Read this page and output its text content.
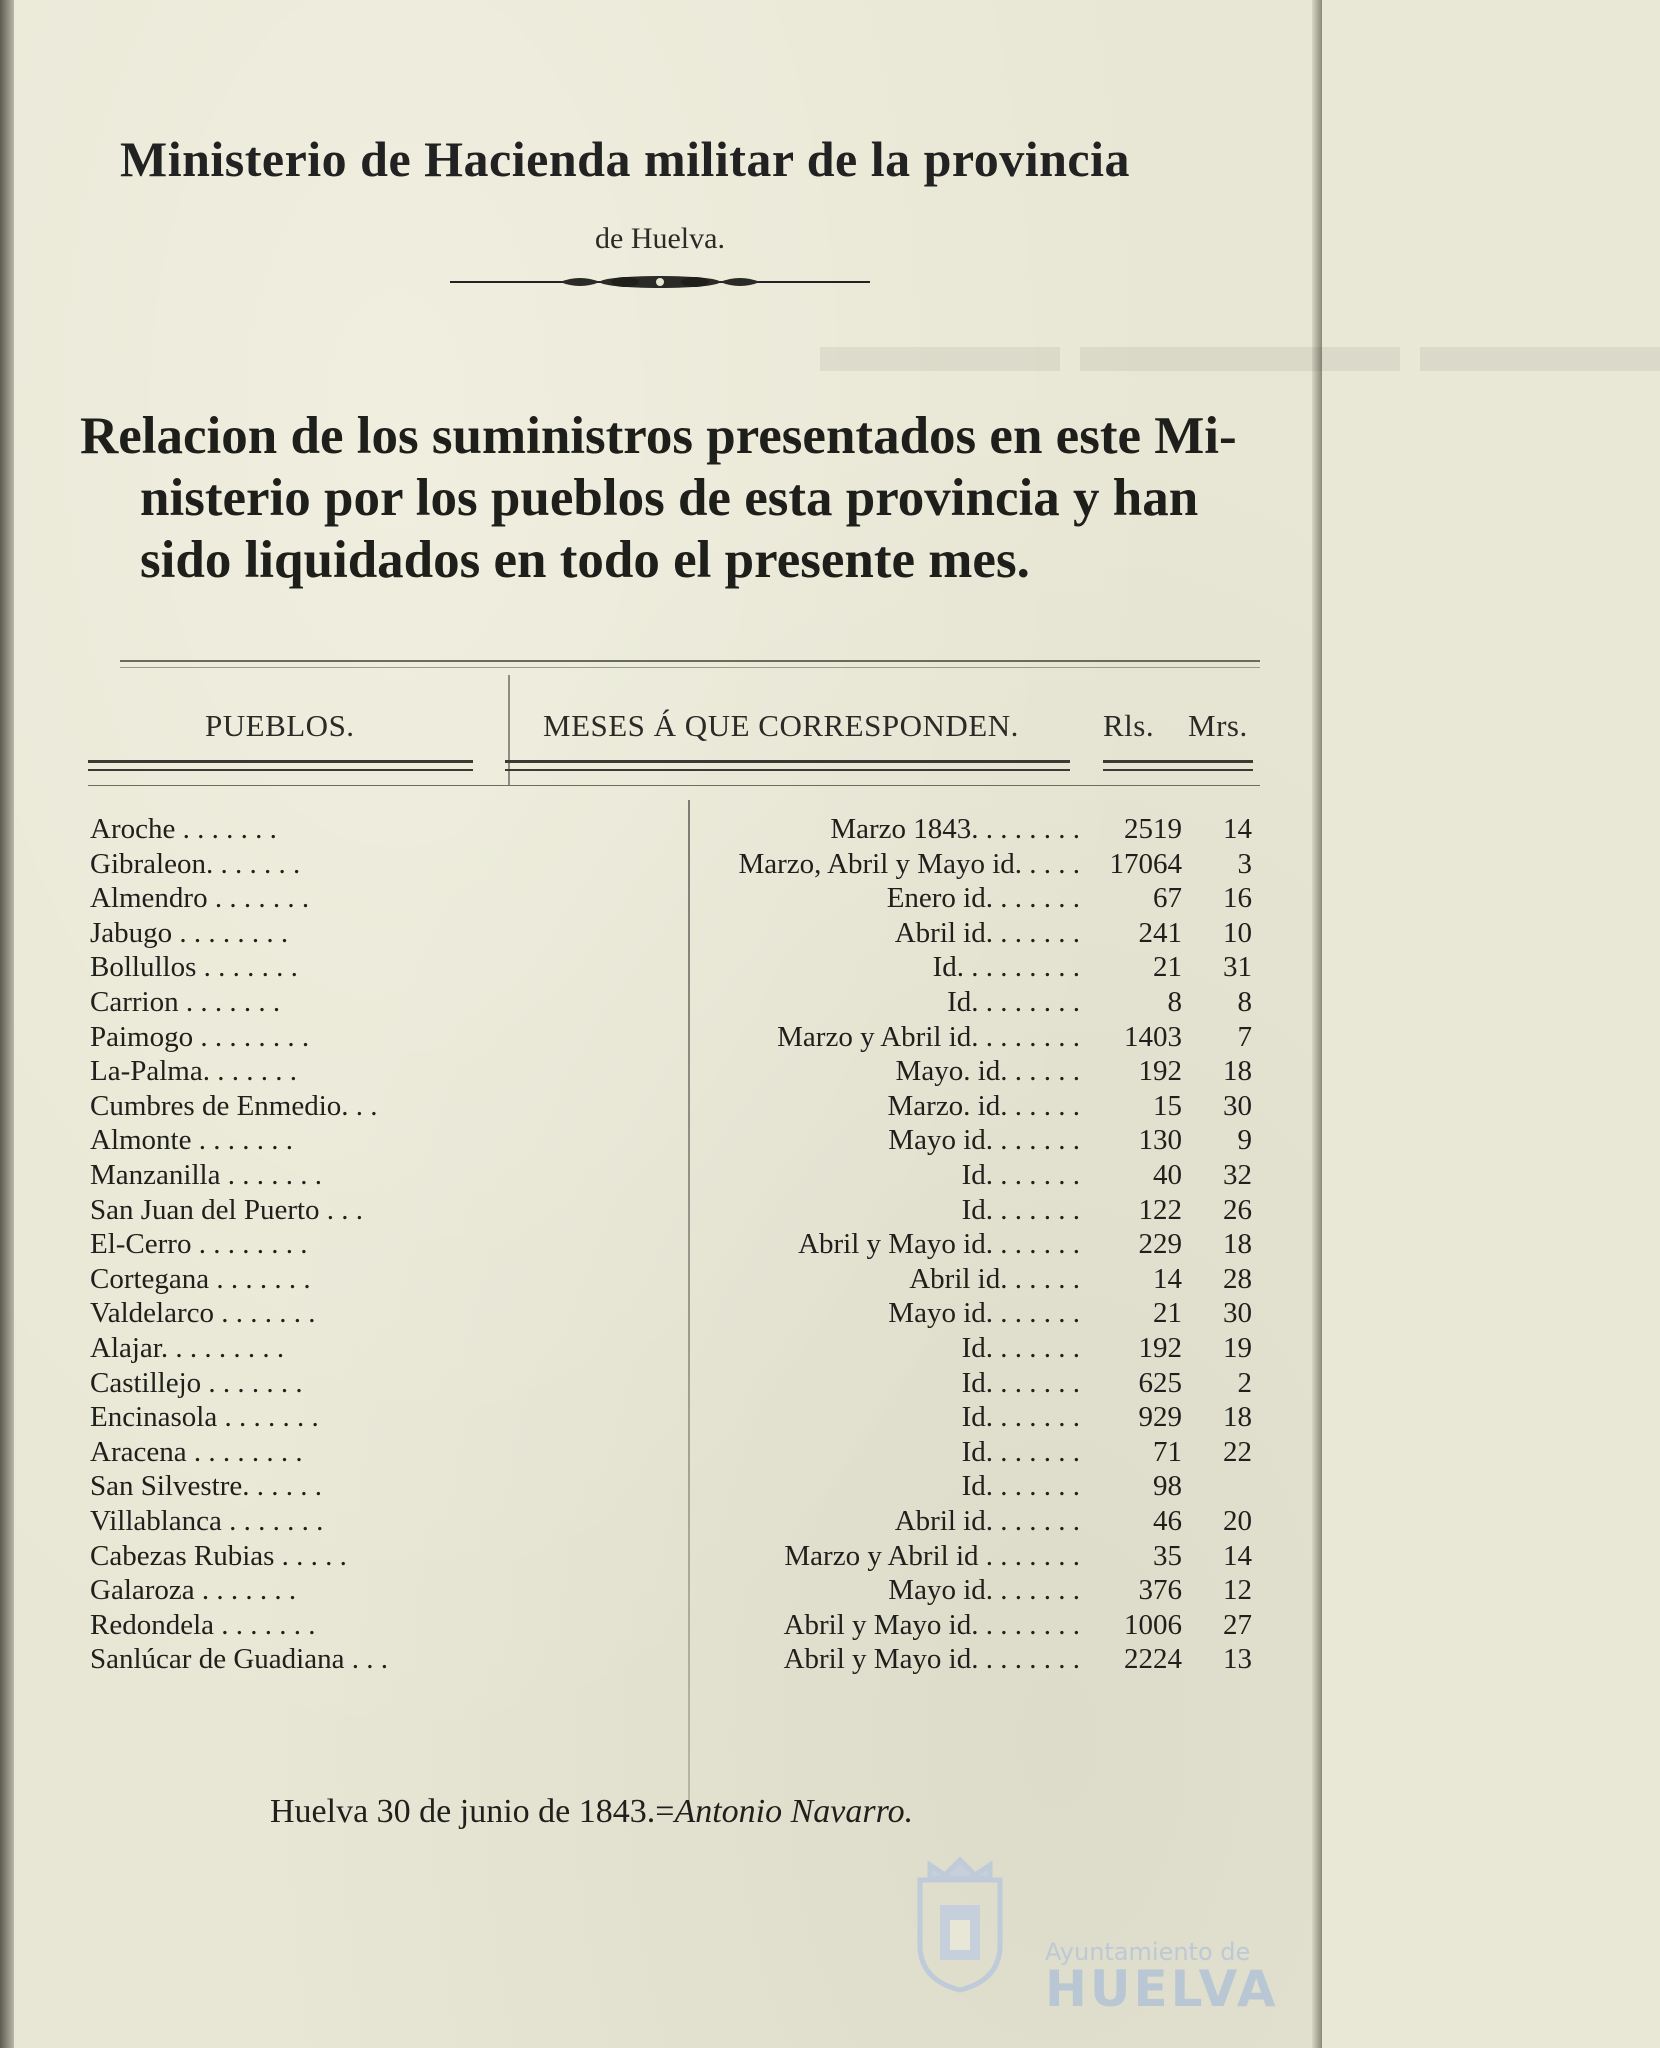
▬▬▬ ▬▬▬▬ ▬▬▬
Ministerio de Hacienda militar de la provincia
de Huelva.
Relacion de los suministros presentados en este Mi-
nisterio por los pueblos de esta provincia y han
sido liquidados en todo el presente mes.
PUEBLOS.	MESES Á QUE CORRESPONDEN.	Rls. Mrs.
Aroche . . . . . . .	Marzo 1843. . . . . . . . 2519 14
Gibraleon. . . . . . .	Marzo, Abril y Mayo id. . . . . 17064 3
Almendro . . . . . . .	Enero id. . . . . . .	67 16
Jabugo . . . . . . . .	Abril id. . . . . . . 241 10
Bollullos . . . . . . .	Id. . . . . . . . .	21 31
Carrion . . . . . . .	Id. . . . . . . .	8 8
Paimogo . . . . . . . .	Marzo y Abril id. . . . . . . . 1403 7
La-Palma. . . . . . .	Mayo. id. . . . . . 192 18
Cumbres de Enmedio. . .	Marzo. id. . . . . .	15 30
Almonte . . . . . . .	Mayo id. . . . . . . 130 9
Manzanilla . . . . . . .	Id. . . . . . .	40 32
San Juan del Puerto . . .	Id. . . . . . . 122 26
El-Cerro . . . . . . . .	Abril y Mayo id. . . . . . . 229 18
Cortegana . . . . . . .	Abril id. . . . . .	14 28
Valdelarco . . . . . . .	Mayo id. . . . . . .	21 30
Alajar. . . . . . . . .	Id. . . . . . . 192 19
Castillejo . . . . . . .	Id. . . . . . . 625 2
Encinasola . . . . . . .	Id. . . . . . . 929 18
Aracena . . . . . . . .	Id. . . . . . .	71 22
San Silvestre. . . . . .	Id. . . . . . .	98
Villablanca . . . . . . .	Abril id. . . . . . .	46 20
Cabezas Rubias . . . . .	Marzo y Abril id . . . . . . .	35 14
Galaroza . . . . . . .	Mayo id. . . . . . . 376 12
Redondela . . . . . . .	Abril y Mayo id. . . . . . . . 1006 27
Sanlúcar de Guadiana . . .	Abril y Mayo id. . . . . . . . 2224 13
Huelva 30 de junio de 1843.=Antonio Navarro.
Ayuntamiento de
HUELVA
